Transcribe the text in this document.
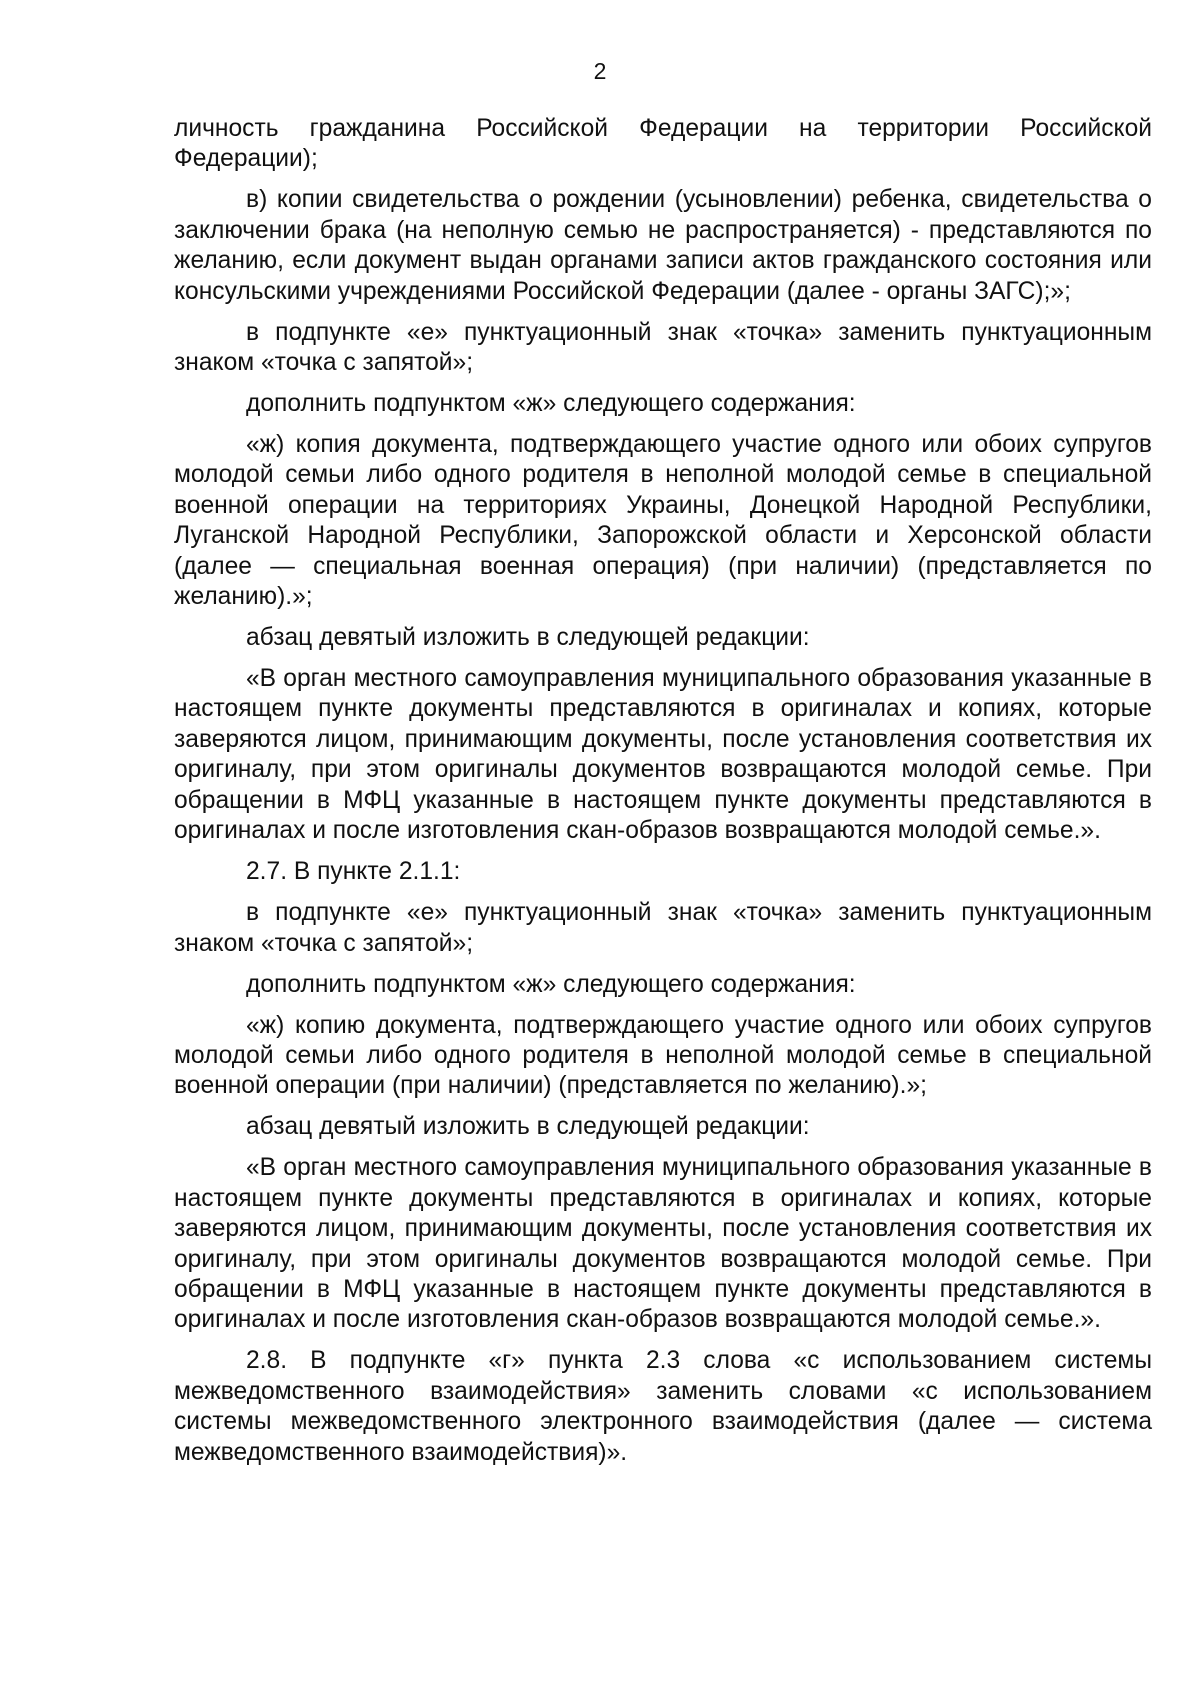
2

личность гражданина Российской Федерации на территории Российской Федерации);

в) копии свидетельства о рождении (усыновлении) ребенка, свидетельства о заключении брака (на неполную семью не распространяется) - представляются по желанию, если документ выдан органами записи актов гражданского состояния или консульскими учреждениями Российской Федерации (далее - органы ЗАГС);»;

в подпункте «е» пунктуационный знак «точка» заменить пунктуационным знаком «точка с запятой»;

дополнить подпунктом «ж» следующего содержания:

«ж) копия документа, подтверждающего участие одного или обоих супругов молодой семьи либо одного родителя в неполной молодой семье в специальной военной операции на территориях Украины, Донецкой Народной Республики, Луганской Народной Республики, Запорожской области и Херсонской области (далее — специальная военная операция) (при наличии) (представляется по желанию).»;

абзац девятый изложить в следующей редакции:

«В орган местного самоуправления муниципального образования указанные в настоящем пункте документы представляются в оригиналах и копиях, которые заверяются лицом, принимающим документы, после установления соответствия их оригиналу, при этом оригиналы документов возвращаются молодой семье. При обращении в МФЦ указанные в настоящем пункте документы представляются в оригиналах и после изготовления скан-образов возвращаются молодой семье.».

2.7. В пункте 2.1.1:

в подпункте «е» пунктуационный знак «точка» заменить пунктуационным знаком «точка с запятой»;

дополнить подпунктом «ж» следующего содержания:

«ж) копию документа, подтверждающего участие одного или обоих супругов молодой семьи либо одного родителя в неполной молодой семье в специальной военной операции (при наличии) (представляется по желанию).»;

абзац девятый изложить в следующей редакции:

«В орган местного самоуправления муниципального образования указанные в настоящем пункте документы представляются в оригиналах и копиях, которые заверяются лицом, принимающим документы, после установления соответствия их оригиналу, при этом оригиналы документов возвращаются молодой семье. При обращении в МФЦ указанные в настоящем пункте документы представляются в оригиналах и после изготовления скан-образов возвращаются молодой семье.».

2.8. В подпункте «г» пункта 2.3 слова «с использованием системы межведомственного взаимодействия» заменить словами «с использованием системы межведомственного электронного взаимодействия (далее — система межведомственного взаимодействия)».
